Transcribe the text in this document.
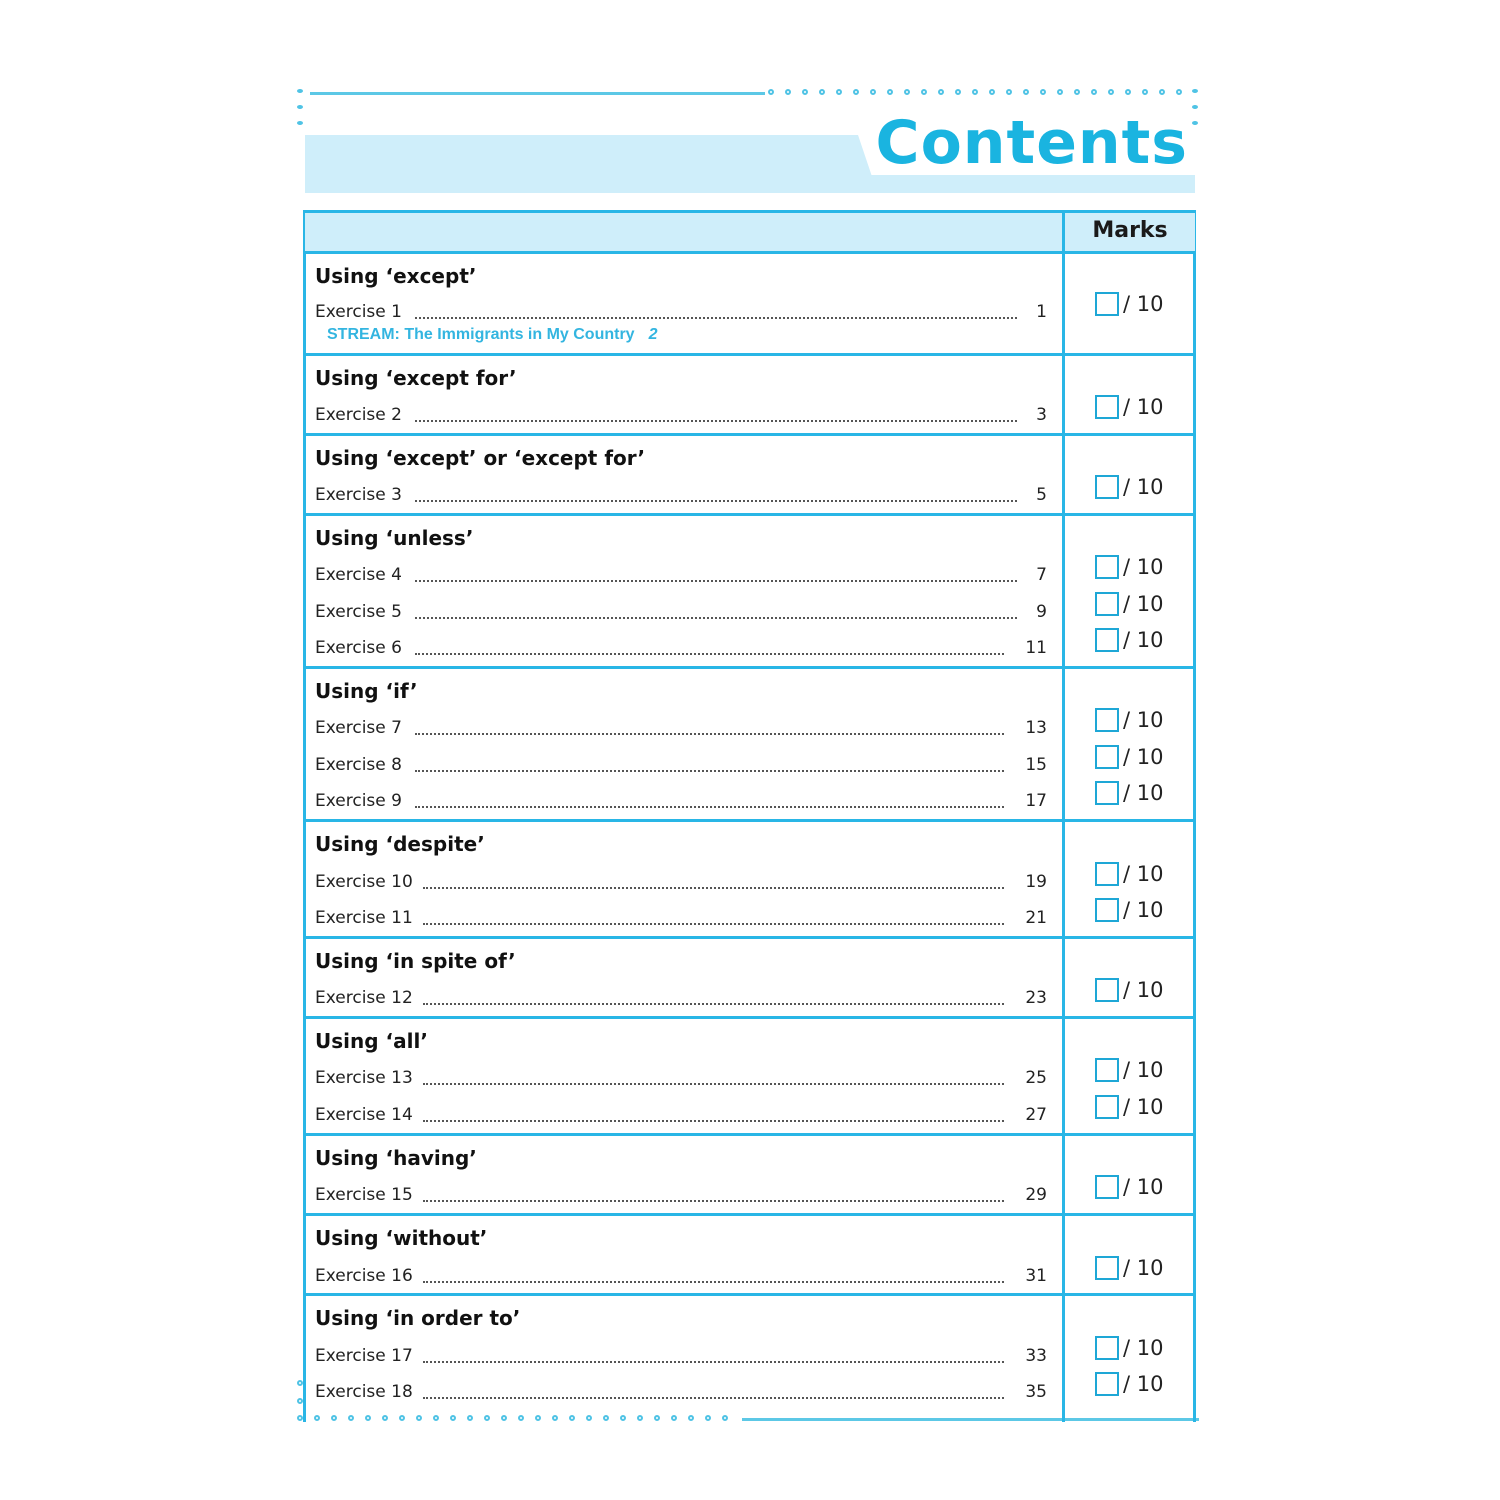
Contents
Marks
Using ‘except’
Exercise 1	1	/ 10
STREAM: The Immigrants in My Country 2
Using ‘except for’
Exercise 2	3	/ 10
Using ‘except’ or ‘except for’
Exercise 3	5	/ 10
Using ‘unless’
Exercise 4	7	/ 10
Exercise 5	9	/ 10
Exercise 6	11	/ 10
Using ‘if’
Exercise 7	13	/ 10
Exercise 8	15	/ 10
Exercise 9	17	/ 10
Using ‘despite’
Exercise 10	19	/ 10
Exercise 11	21	/ 10
Using ‘in spite of’
Exercise 12	23	/ 10
Using ‘all’
Exercise 13	25	/ 10
Exercise 14	27	/ 10
Using ‘having’
Exercise 15	29	/ 10
Using ‘without’
Exercise 16	31	/ 10
Using ‘in order to’
Exercise 17	33	/ 10
Exercise 18	35	/ 10
